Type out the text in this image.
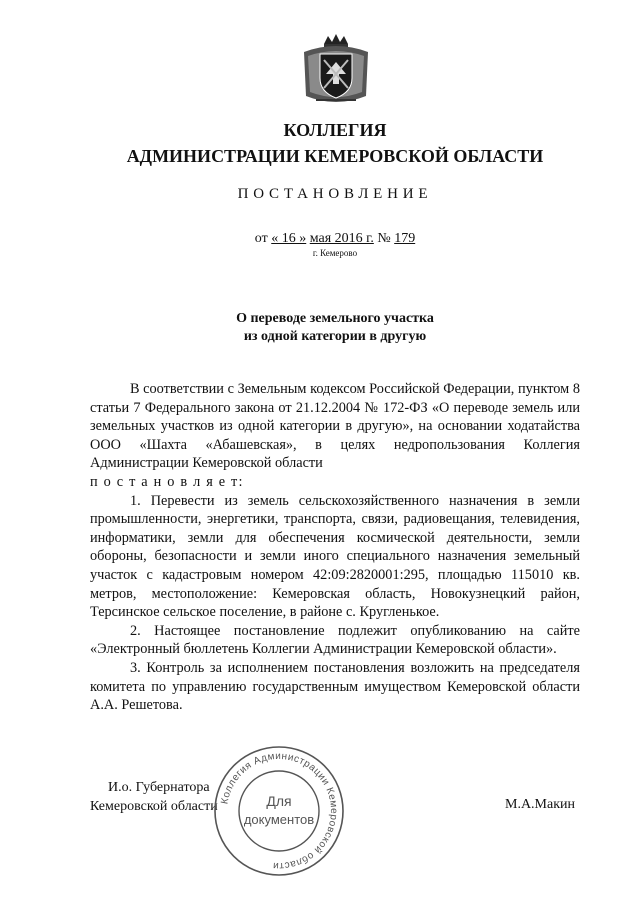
КОЛЛЕГИЯ
АДМИНИСТРАЦИИ КЕМЕРОВСКОЙ ОБЛАСТИ
ПОСТАНОВЛЕНИЕ
от « 16 » мая 2016 г. № 179
г. Кемерово
О переводе земельного участка
из одной категории в другую

В соответствии с Земельным кодексом Российской Федерации, пунктом 8 статьи 7 Федерального закона от 21.12.2004 № 172-ФЗ «О переводе земель или земельных участков из одной категории в другую», на основании ходатайства ООО «Шахта «Абашевская», в целях недропользования Коллегия Администрации Кемеровской области

п о с т а н о в л я е т:

1. Перевести из земель сельскохозяйственного назначения в земли промышленности, энергетики, транспорта, связи, радиовещания, телевидения, информатики, земли для обеспечения космической деятельности, земли обороны, безопасности и земли иного специального назначения земельный участок с кадастровым номером 42:09:2820001:295, площадью 115010 кв. метров, местоположение: Кемеровская область, Новокузнецкий район, Терсинское сельское поселение, в районе с. Кругленькое.

2. Настоящее постановление подлежит опубликованию на сайте «Электронный бюллетень Коллегии Администрации Кемеровской области».

3. Контроль за исполнением постановления возложить на председателя комитета по управлению государственным имуществом Кемеровской области А.А. Решетова.

И.о. Губернатора
Кемеровской области	М.А.Макин
Коллегия Администрации Кемеровской области
Для
документов
